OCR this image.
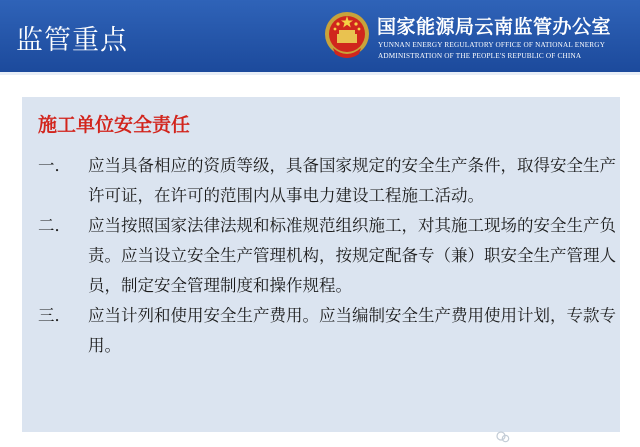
监管重点	国家能源局云南监管办公室
YUNNAN ENERGY REGULATORY OFFICE OF NATIONAL ENERGY
ADMINISTRATION OF THE PEOPLE'S REPUBLIC OF CHINA
施工单位安全责任
一．	应当具备相应的资质等级，具备国家规定的安全生产条件，取得安全生产许可证，在许可的范围内从事电力建设工程施工活动。
二．	应当按照国家法律法规和标准规范组织施工，对其施工现场的安全生产负责。应当设立安全生产管理机构，按规定配备专（兼）职安全生产管理人员，制定安全管理制度和操作规程。
三．	应当计列和使用安全生产费用。应当编制安全生产费用使用计划，专款专用。
